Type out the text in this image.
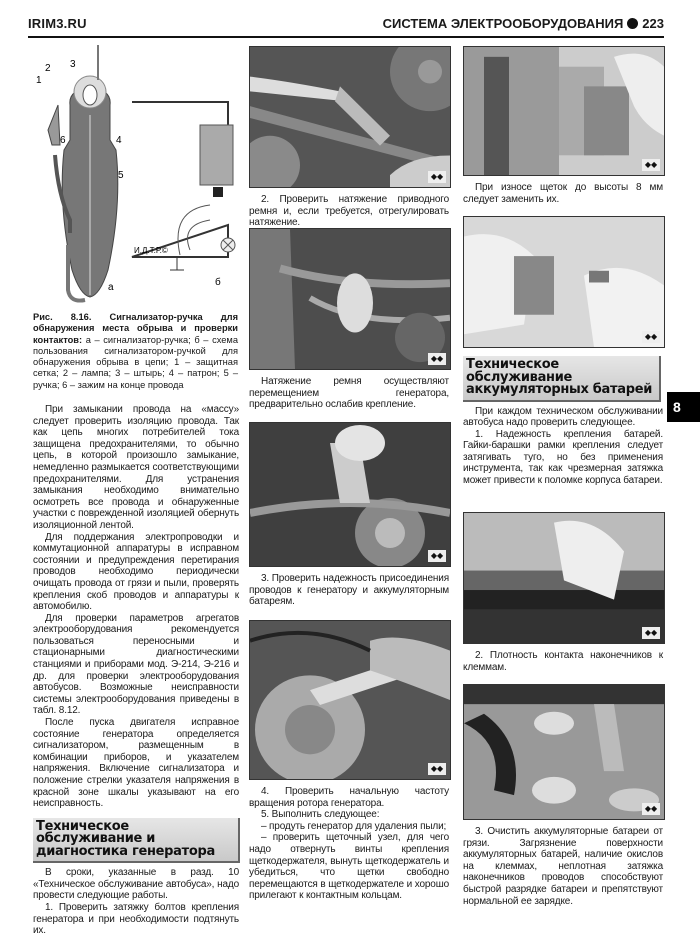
IRIM3.RU	СИСТЕМА ЭЛЕКТРООБОРУДОВАНИЯ 223
8
1
2 3
4
5
6
а	б
И.Д.Т.Р.©
Рис. 8.16. Сигнализатор-ручка для обнаружения места обрыва и проверки контактов: а – сигнализатор-ручка; б – схема пользования сигнализатором-ручкой для обнаружения обрыва в цепи; 1 – защитная сетка; 2 – лампа; 3 – штырь; 4 – патрон; 5 – ручка; 6 – зажим на конце провода

При замыкании провода на «массу» следует проверить изоляцию провода. Так как цепь многих потребителей тока защищена предохранителями, то обычно цепь, в которой произошло замыкание, немедленно размыкается соответствующими предохранителями. Для устранения замыкания необходимо внимательно осмотреть все провода и обнаруженные участки с поврежденной изоляцией обернуть изоляционной лентой.

Для поддержания электропроводки и коммутационной аппаратуры в исправном состоянии и предупреждения перетирания проводов необходимо периодически очищать провода от грязи и пыли, проверять крепления скоб проводов и аппаратуры к автомобилю.

Для проверки параметров агрегатов электрооборудования рекомендуется пользоваться переносными и стационарными диагностическими станциями и приборами мод. Э-214, Э-216 и др. для проверки электрооборудования автобусов. Возможные неисправности системы электрооборудования приведены в табл. 8.12.

После пуска двигателя исправное состояние генератора определяется сигнализатором, размещенным в комбинации приборов, и указателем напряжения. Включение сигнализатора и положение стрелки указателя напряжения в красной зоне шкалы указывают на его неисправность.

Техническое обслуживание и диагностика генератора

В сроки, указанные в разд. 10 «Техническое обслуживание автобуса», надо провести следующие работы.

1. Проверить затяжку болтов крепления генератора и при необходимости подтянуть их.

◆◆

2. Проверить натяжение приводного ремня и, если требуется, отрегулировать натяжение.

◆◆

Натяжение ремня осуществляют перемещением генератора, предварительно ослабив крепление.

◆◆

3. Проверить надежность присоединения проводов к генератору и аккумуляторным батареям.

◆◆

4. Проверить начальную частоту вращения ротора генератора.

5. Выполнить следующее:

– продуть генератор для удаления пыли;

– проверить щеточный узел, для чего надо отвернуть винты крепления щеткодержателя, вынуть щеткодержатель и убедиться, что щетки свободно перемещаются в щеткодержателе и хорошо прилегают к контактным кольцам.

◆◆

При износе щеток до высоты 8 мм следует заменить их.

◆◆
Техническое обслуживание аккумуляторных батарей

При каждом техническом обслуживании автобуса надо проверить следующее.

1. Надежность крепления батарей. Гайки-барашки рамки крепления следует затягивать туго, но без применения инструмента, так как чрезмерная затяжка может привести к поломке корпуса батареи.

◆◆

2. Плотность контакта наконечников к клеммам.

◆◆

3. Очистить аккумуляторные батареи от грязи. Загрязнение поверхности аккумуляторных батарей, наличие окислов на клеммах, неплотная затяжка наконечников проводов способствуют быстрой разрядке батареи и препятствуют нормальной ее зарядке.
